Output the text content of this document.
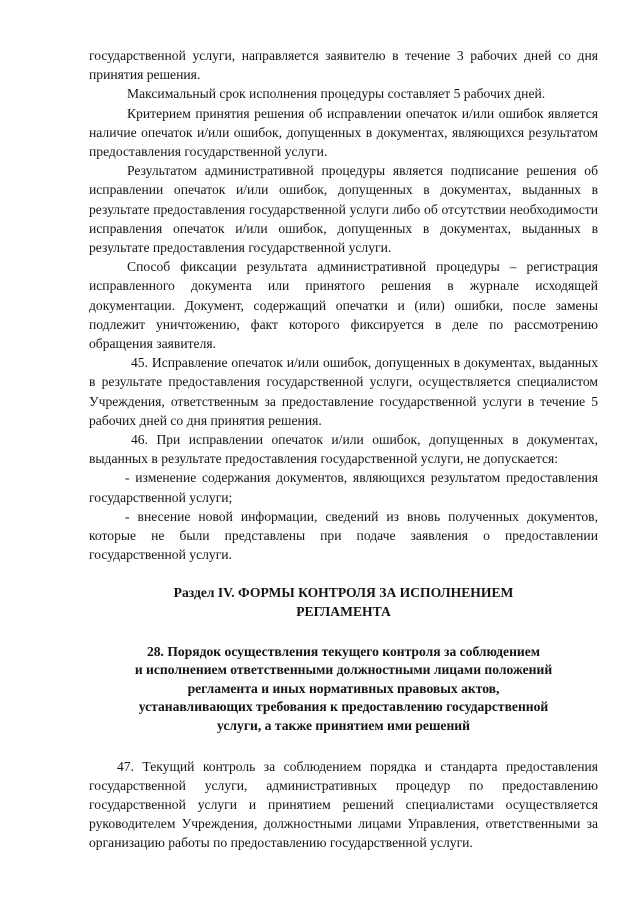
государственной услуги, направляется заявителю в течение 3 рабочих дней со дня принятия решения.

Максимальный срок исполнения процедуры составляет 5 рабочих дней.

Критерием принятия решения об исправлении опечаток и/или ошибок является наличие опечаток и/или ошибок, допущенных в документах, являющихся результатом предоставления государственной услуги.

Результатом административной процедуры является подписание решения об исправлении опечаток и/или ошибок, допущенных в документах, выданных в результате предоставления государственной услуги либо об отсутствии необходимости исправления опечаток и/или ошибок, допущенных в документах, выданных в результате предоставления государственной услуги.

Способ фиксации результата административной процедуры – регистрация исправленного документа или принятого решения в журнале исходящей документации. Документ, содержащий опечатки и (или) ошибки, после замены подлежит уничтожению, факт которого фиксируется в деле по рассмотрению обращения заявителя.

45. Исправление опечаток и/или ошибок, допущенных в документах, выданных в результате предоставления государственной услуги, осуществляется специалистом Учреждения, ответственным за предоставление государственной услуги в течение 5 рабочих дней со дня принятия решения.

46. При исправлении опечаток и/или ошибок, допущенных в документах, выданных в результате предоставления государственной услуги, не допускается:

- изменение содержания документов, являющихся результатом предоставления государственной услуги;

- внесение новой информации, сведений из вновь полученных документов, которые не были представлены при подаче заявления о предоставлении государственной услуги.

Раздел IV. ФОРМЫ КОНТРОЛЯ ЗА ИСПОЛНЕНИЕМ
РЕГЛАМЕНТА
28. Порядок осуществления текущего контроля за соблюдением
и исполнением ответственными должностными лицами положений
регламента и иных нормативных правовых актов,
устанавливающих требования к предоставлению государственной
услуги, а также принятием ими решений

47. Текущий контроль за соблюдением порядка и стандарта предоставления государственной услуги, административных процедур по предоставлению государственной услуги и принятием решений специалистами осуществляется руководителем Учреждения, должностными лицами Управления, ответственными за организацию работы по предоставлению государственной услуги.
